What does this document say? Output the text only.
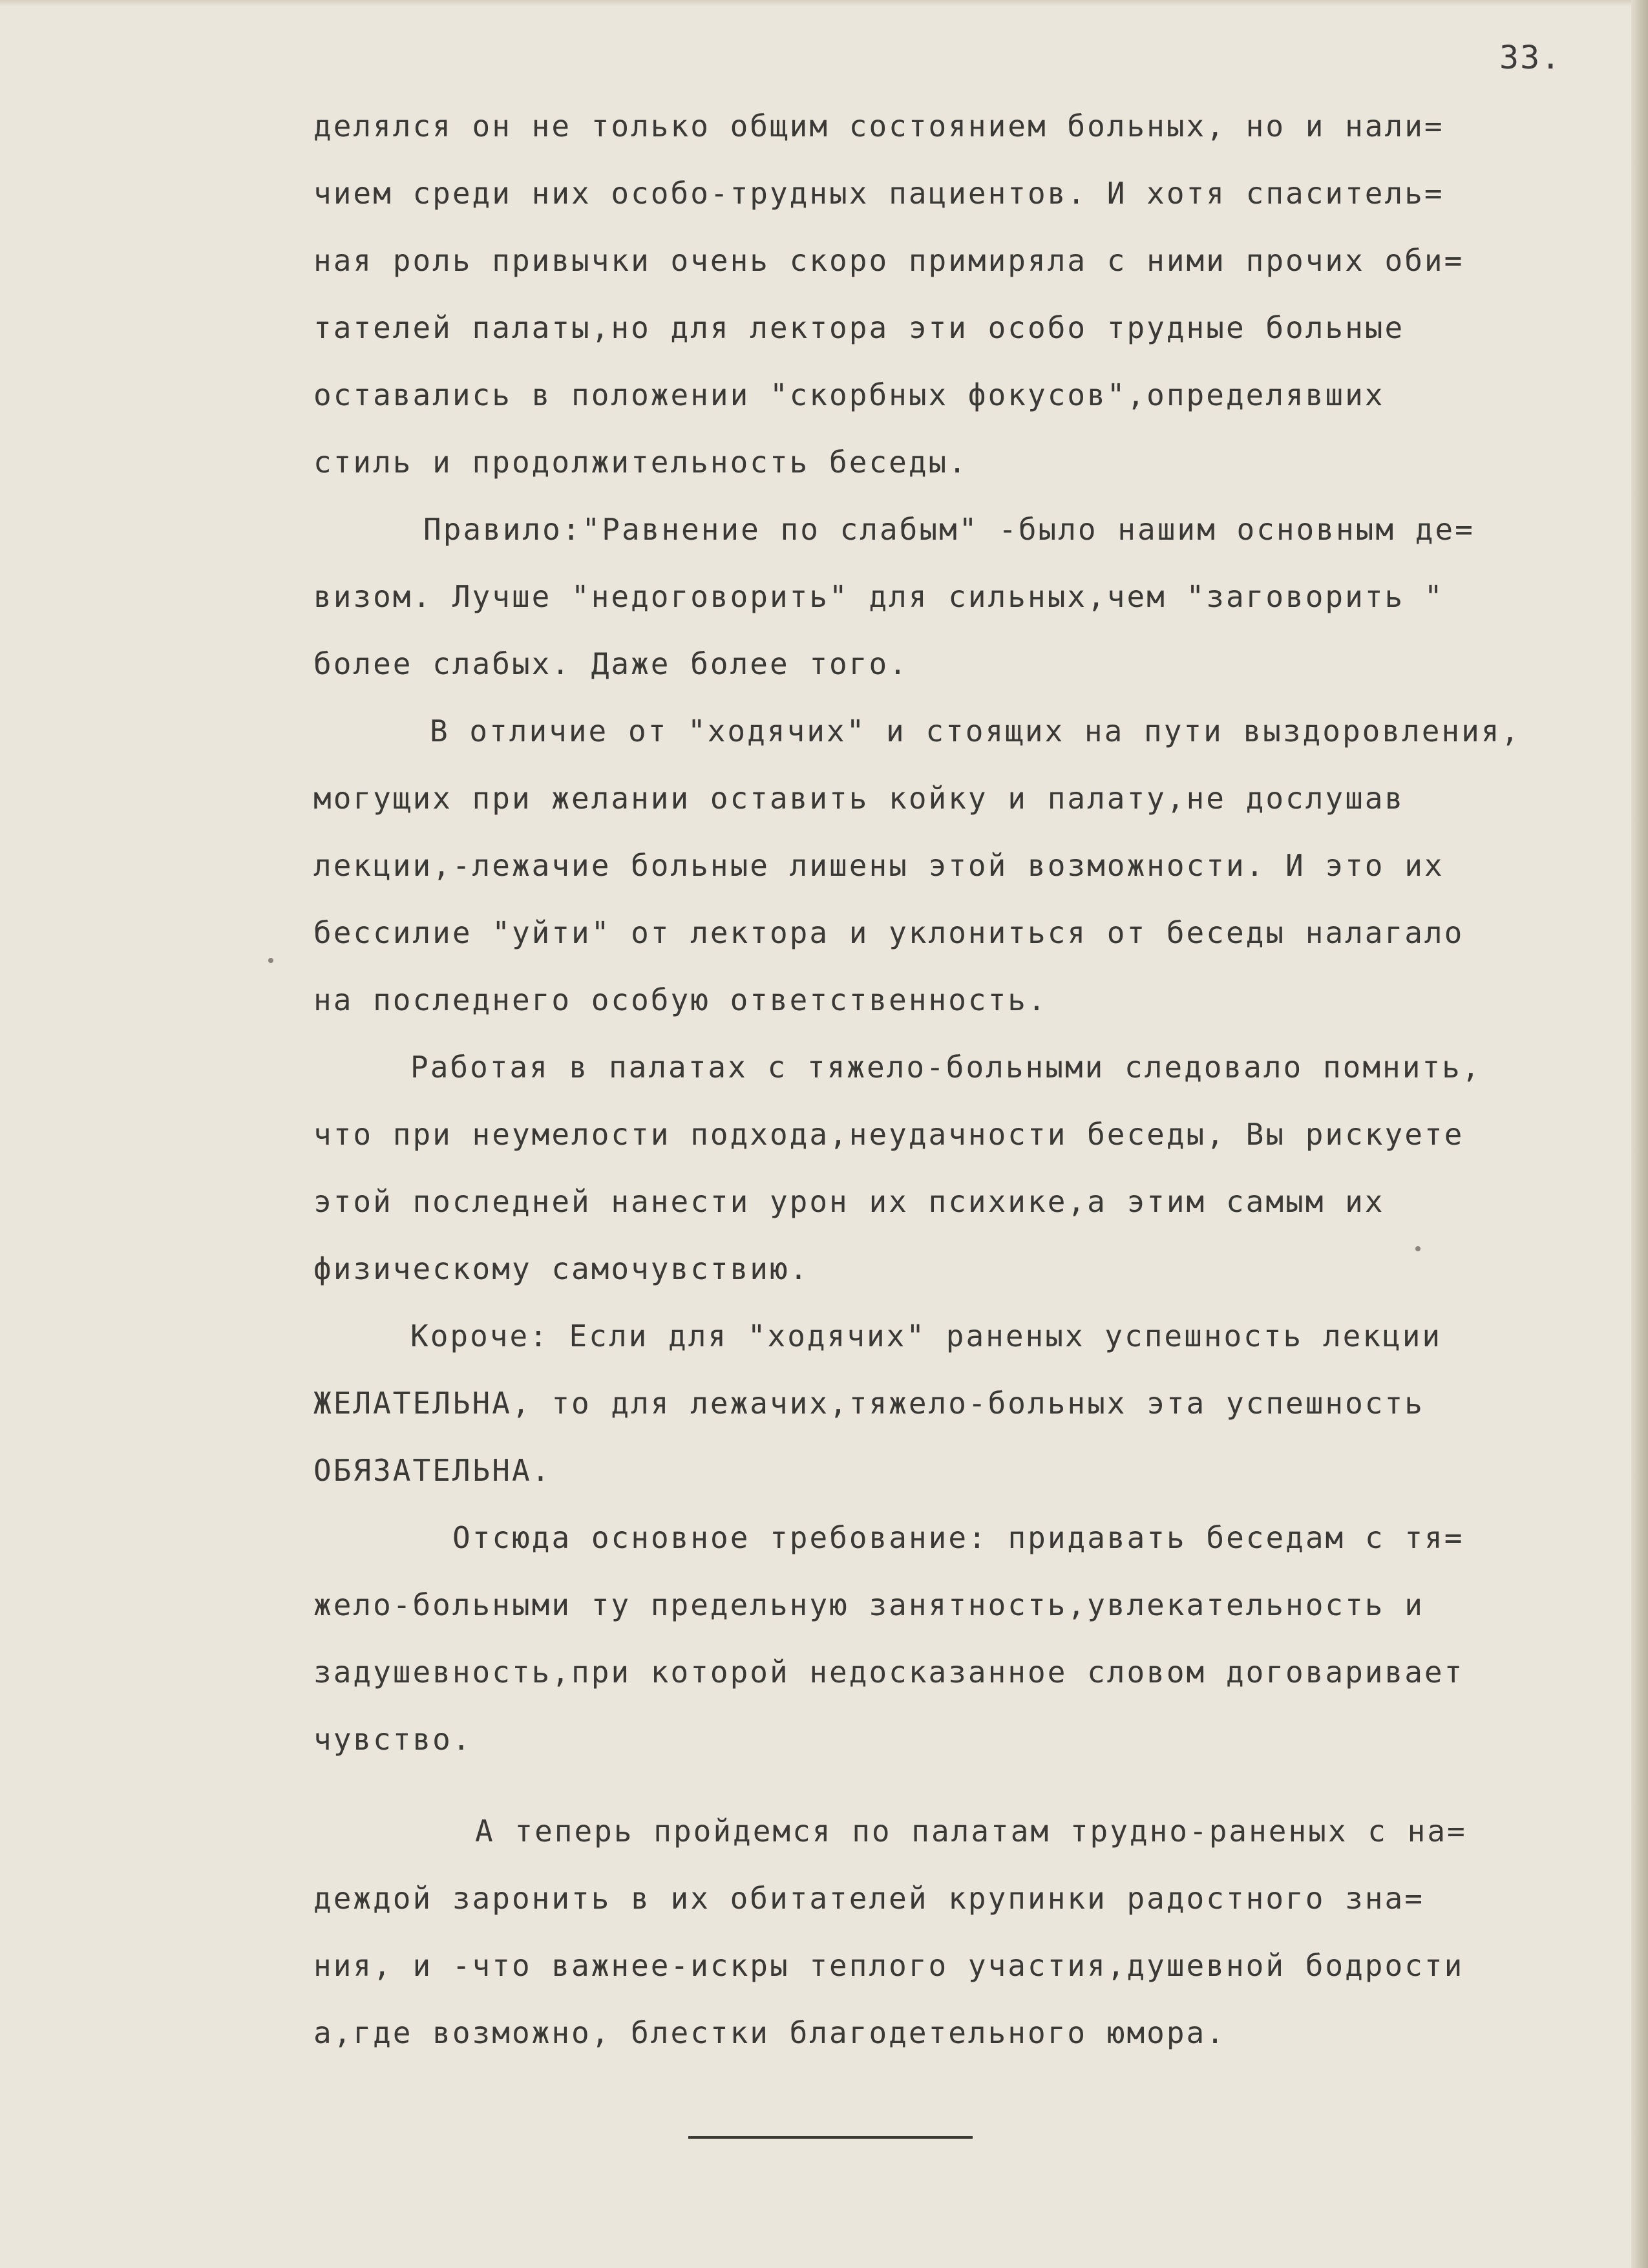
33.
делялся он не только общим состоянием больных, но и нали=
чием среди них особо-трудных пациентов. И хотя спаситель=
ная роль привычки очень скоро примиряла с ними прочих оби=
тателей палаты,но для лектора эти особо трудные больные
оставались в положении "скорбных фокусов",определявших
стиль и продолжительность беседы.
Правило:"Равнение по слабым" -было нашим основным де=
визом. Лучше "недоговорить" для сильных,чем "заговорить "
более слабых. Даже более того.
В отличие от "ходячих" и стоящих на пути выздоровления,
могущих при желании оставить койку и палату,не дослушав
лекции,-лежачие больные лишены этой возможности. И это их
бессилие "уйти" от лектора и уклониться от беседы налагало
на последнего особую ответственность.
Работая в палатах с тяжело-больными следовало помнить,
что при неумелости подхода,неудачности беседы, Вы рискуете
этой последней нанести урон их психике,а этим самым их
физическому самочувствию.
Короче: Если для "ходячих" раненых успешность лекции
ЖЕЛАТЕЛЬНА, то для лежачих,тяжело-больных эта успешность
ОБЯЗАТЕЛЬНА.
Отсюда основное требование: придавать беседам с тя=
жело-больными ту предельную занятность,увлекательность и
задушевность,при которой недосказанное словом договаривает
чувство.
А теперь пройдемся по палатам трудно-раненых с на=
деждой заронить в их обитателей крупинки радостного зна=
ния, и -что важнее-искры теплого участия,душевной бодрости
а,где возможно, блестки благодетельного юмора.
